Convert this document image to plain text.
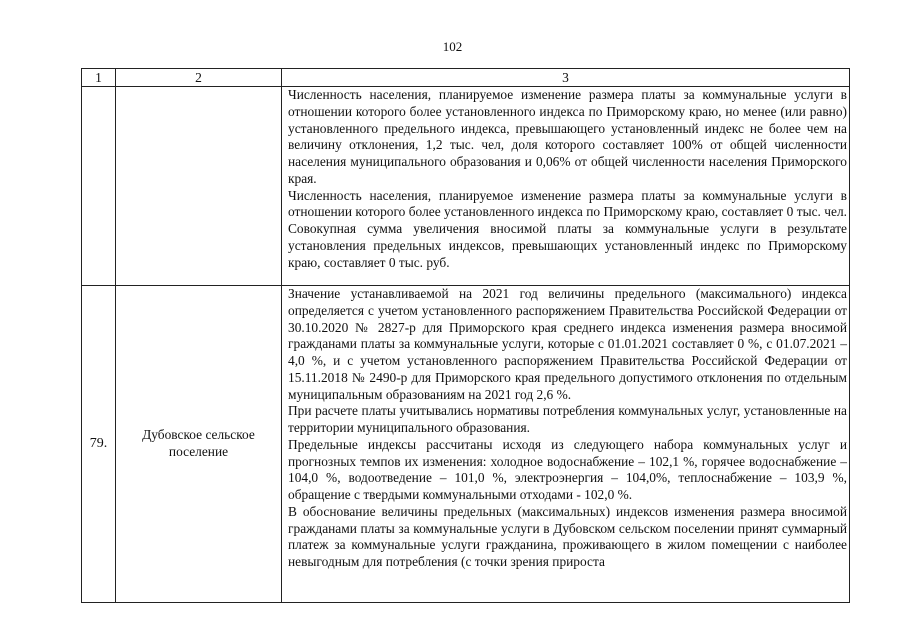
102
1	2	3

		Численность населения, планируемое изменение размера платы за коммунальные услуги в отношении которого более установленного индекса по Приморскому краю, но менее (или равно) установленного предельного индекса, превышающего установленный индекс не более чем на величину отклонения, 1,2 тыс. чел, доля которого составляет 100% от общей численности населения муниципального образования и 0,06% от общей численности населения Приморского края.

Численность населения, планируемое изменение размера платы за коммунальные услуги в отношении которого более установленного индекса по Приморскому краю, составляет 0 тыс. чел. Совокупная сумма увеличения вносимой платы за коммунальные услуги в результате установления предельных индексов, превышающих установленный индекс по Приморскому краю, составляет 0 тыс. руб.

79.	Дубовское сельское поселение	Значение устанавливаемой на 2021 год величины предельного (максимального) индекса определяется с учетом установленного распоряжением Правительства Российской Федерации от 30.10.2020 № 2827-р для Приморского края среднего индекса изменения размера вносимой гражданами платы за коммунальные услуги, которые с 01.01.2021 составляет 0 %, с 01.07.2021 – 4,0 %, и с учетом установленного распоряжением Правительства Российской Федерации от 15.11.2018 № 2490-р для Приморского края предельного допустимого отклонения по отдельным муниципальным образованиям на 2021 год 2,6 %.

При расчете платы учитывались нормативы потребления коммунальных услуг, установленные на территории муниципального образования.

Предельные индексы рассчитаны исходя из следующего набора коммунальных услуг и прогнозных темпов их изменения: холодное водоснабжение – 102,1 %, горячее водоснабжение – 104,0 %, водоотведение – 101,0 %, электроэнергия – 104,0%, теплоснабжение – 103,9 %, обращение с твердыми коммунальными отходами - 102,0 %.

В обоснование величины предельных (максимальных) индексов изменения размера вносимой гражданами платы за коммунальные услуги в Дубовском сельском поселении принят суммарный платеж за коммунальные услуги гражданина, проживающего в жилом помещении с наиболее невыгодным для потребления (с точки зрения прироста
